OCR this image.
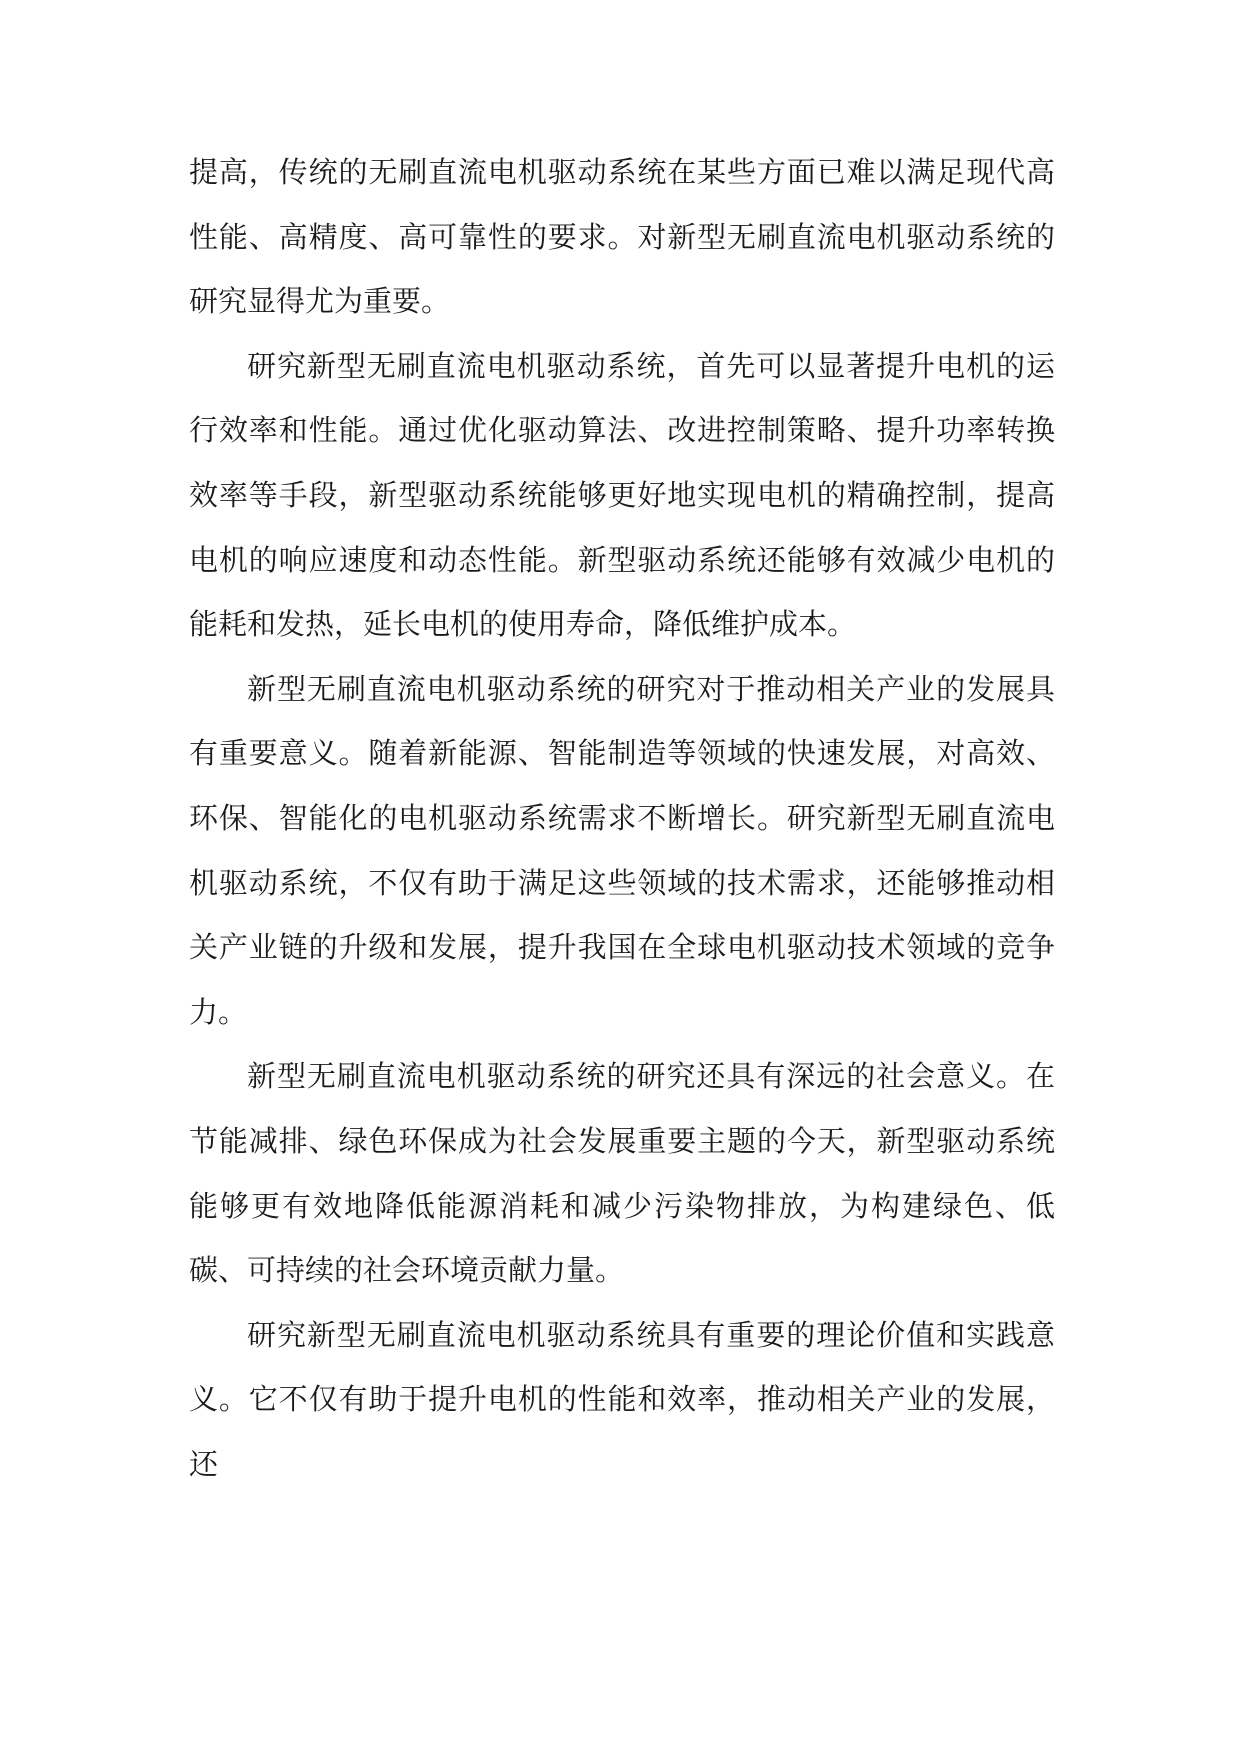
提高，传统的无刷直流电机驱动系统在某些方面已难以满足现代高性能、高精度、高可靠性的要求。对新型无刷直流电机驱动系统的研究显得尤为重要。

研究新型无刷直流电机驱动系统，首先可以显著提升电机的运行效率和性能。通过优化驱动算法、改进控制策略、提升功率转换效率等手段，新型驱动系统能够更好地实现电机的精确控制，提高电机的响应速度和动态性能。新型驱动系统还能够有效减少电机的能耗和发热，延长电机的使用寿命，降低维护成本。

新型无刷直流电机驱动系统的研究对于推动相关产业的发展具有重要意义。随着新能源、智能制造等领域的快速发展，对高效、环保、智能化的电机驱动系统需求不断增长。研究新型无刷直流电机驱动系统，不仅有助于满足这些领域的技术需求，还能够推动相关产业链的升级和发展，提升我国在全球电机驱动技术领域的竞争力。

新型无刷直流电机驱动系统的研究还具有深远的社会意义。在节能减排、绿色环保成为社会发展重要主题的今天，新型驱动系统能够更有效地降低能源消耗和减少污染物排放，为构建绿色、低碳、可持续的社会环境贡献力量。

研究新型无刷直流电机驱动系统具有重要的理论价值和实践意义。它不仅有助于提升电机的性能和效率，推动相关产业的发展，还
